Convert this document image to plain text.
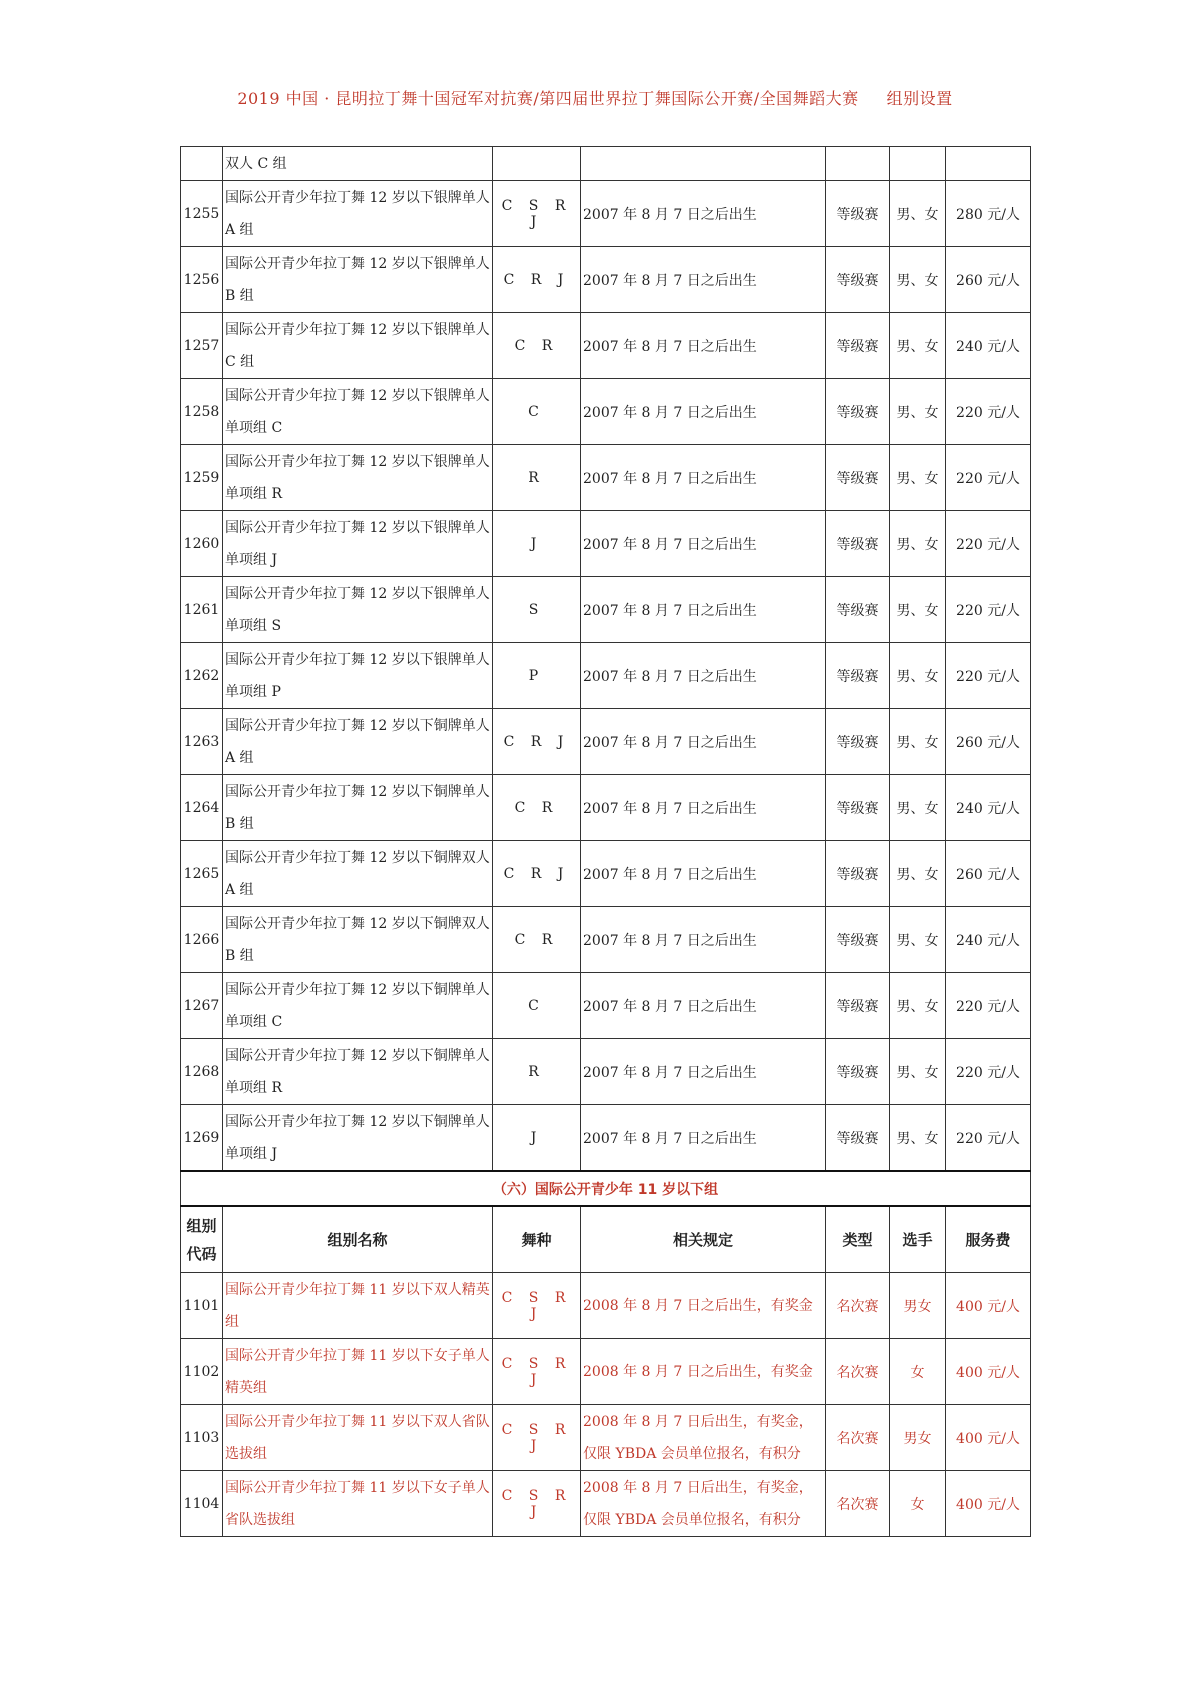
2019 中国 · 昆明拉丁舞十国冠军对抗赛/第四届世界拉丁舞国际公开赛/全国舞蹈大赛 组别设置
	双人 C 组					
1255	国际公开青少年拉丁舞 12 岁以下银牌单人 A 组	C S R J	2007 年 8 月 7 日之后出生	等级赛	男、女	280 元/人
1256	国际公开青少年拉丁舞 12 岁以下银牌单人 B 组	C R J	2007 年 8 月 7 日之后出生	等级赛	男、女	260 元/人
1257	国际公开青少年拉丁舞 12 岁以下银牌单人 C 组	C R	2007 年 8 月 7 日之后出生	等级赛	男、女	240 元/人
1258	国际公开青少年拉丁舞 12 岁以下银牌单人单项组 C	C	2007 年 8 月 7 日之后出生	等级赛	男、女	220 元/人
1259	国际公开青少年拉丁舞 12 岁以下银牌单人单项组 R	R	2007 年 8 月 7 日之后出生	等级赛	男、女	220 元/人
1260	国际公开青少年拉丁舞 12 岁以下银牌单人单项组 J	J	2007 年 8 月 7 日之后出生	等级赛	男、女	220 元/人
1261	国际公开青少年拉丁舞 12 岁以下银牌单人单项组 S	S	2007 年 8 月 7 日之后出生	等级赛	男、女	220 元/人
1262	国际公开青少年拉丁舞 12 岁以下银牌单人单项组 P	P	2007 年 8 月 7 日之后出生	等级赛	男、女	220 元/人
1263	国际公开青少年拉丁舞 12 岁以下铜牌单人 A 组	C R J	2007 年 8 月 7 日之后出生	等级赛	男、女	260 元/人
1264	国际公开青少年拉丁舞 12 岁以下铜牌单人 B 组	C R	2007 年 8 月 7 日之后出生	等级赛	男、女	240 元/人
1265	国际公开青少年拉丁舞 12 岁以下铜牌双人 A 组	C R J	2007 年 8 月 7 日之后出生	等级赛	男、女	260 元/人
1266	国际公开青少年拉丁舞 12 岁以下铜牌双人 B 组	C R	2007 年 8 月 7 日之后出生	等级赛	男、女	240 元/人
1267	国际公开青少年拉丁舞 12 岁以下铜牌单人单项组 C	C	2007 年 8 月 7 日之后出生	等级赛	男、女	220 元/人
1268	国际公开青少年拉丁舞 12 岁以下铜牌单人单项组 R	R	2007 年 8 月 7 日之后出生	等级赛	男、女	220 元/人
1269	国际公开青少年拉丁舞 12 岁以下铜牌单人单项组 J	J	2007 年 8 月 7 日之后出生	等级赛	男、女	220 元/人
（六）国际公开青少年 11 岁以下组						
组别代码	组别名称	舞种	相关规定	类型	选手	服务费
1101	国际公开青少年拉丁舞 11 岁以下双人精英组	C S R J	2008 年 8 月 7 日之后出生，有奖金	名次赛	男女	400 元/人
1102	国际公开青少年拉丁舞 11 岁以下女子单人精英组	C S R J	2008 年 8 月 7 日之后出生，有奖金	名次赛	女	400 元/人
1103	国际公开青少年拉丁舞 11 岁以下双人省队选拔组	C S R J	2008 年 8 月 7 日后出生，有奖金，仅限 YBDA 会员单位报名，有积分	名次赛	男女	400 元/人
1104	国际公开青少年拉丁舞 11 岁以下女子单人省队选拔组	C S R J	2008 年 8 月 7 日后出生，有奖金，仅限 YBDA 会员单位报名，有积分	名次赛	女	400 元/人
